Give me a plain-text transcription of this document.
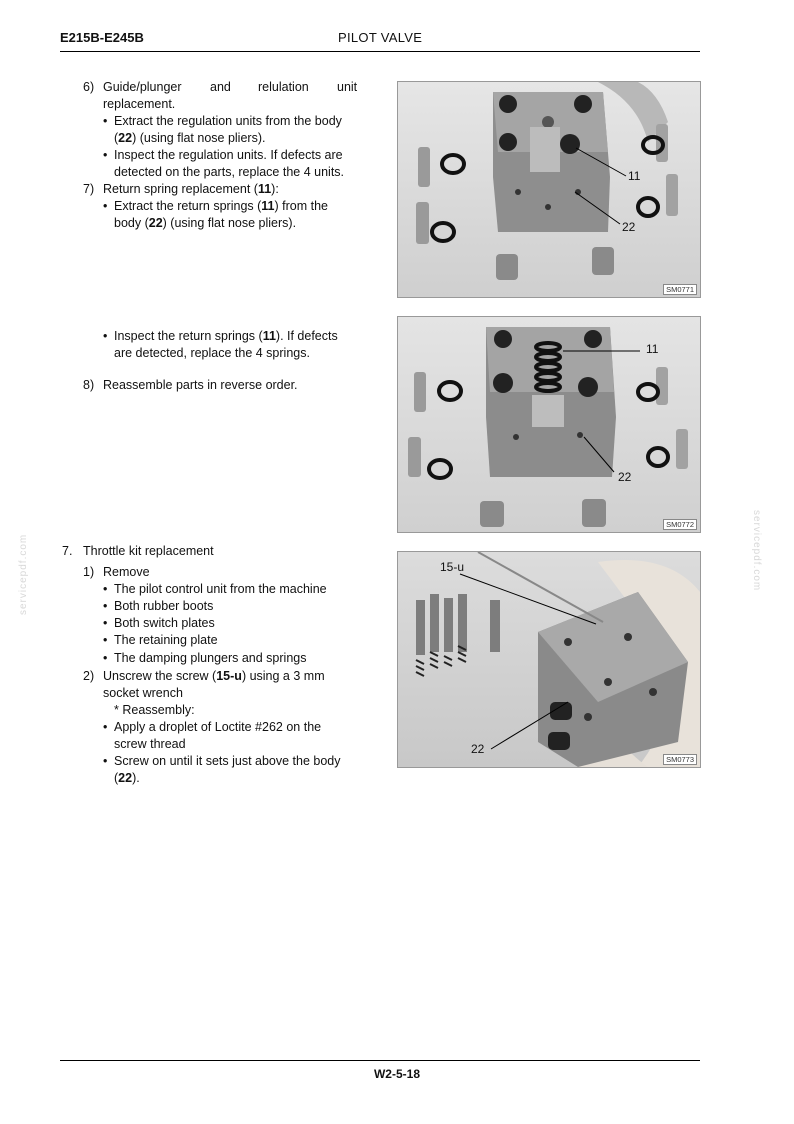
E215B-E245B	PILOT VALVE
servicepdf.com	servicepdf.com
6) Guide/plunger and relulation unit
replacement.
• Extract the regulation units from the body
(22) (using flat nose pliers).
• Inspect the regulation units. If defects are
detected on the parts, replace the 4 units.
7) Return spring replacement (11):
• Extract the return springs (11) from the
body (22) (using flat nose pliers).
• Inspect the return springs (11). If defects
are detected, replace the 4 springs.
8) Reassemble parts in reverse order.
7. Throttle kit replacement
1) Remove
• The pilot control unit from the machine
• Both rubber boots
• Both switch plates
• The retaining plate
• The damping plungers and springs
2) Unscrew the screw (15-u) using a 3 mm
socket wrench
* Reassembly:
• Apply a droplet of Loctite #262 on the
screw thread
• Screw on until it sets just above the body
(22).
11
22
SM0771
11
22
SM0772
15-u
22
SM0773
W2-5-18
